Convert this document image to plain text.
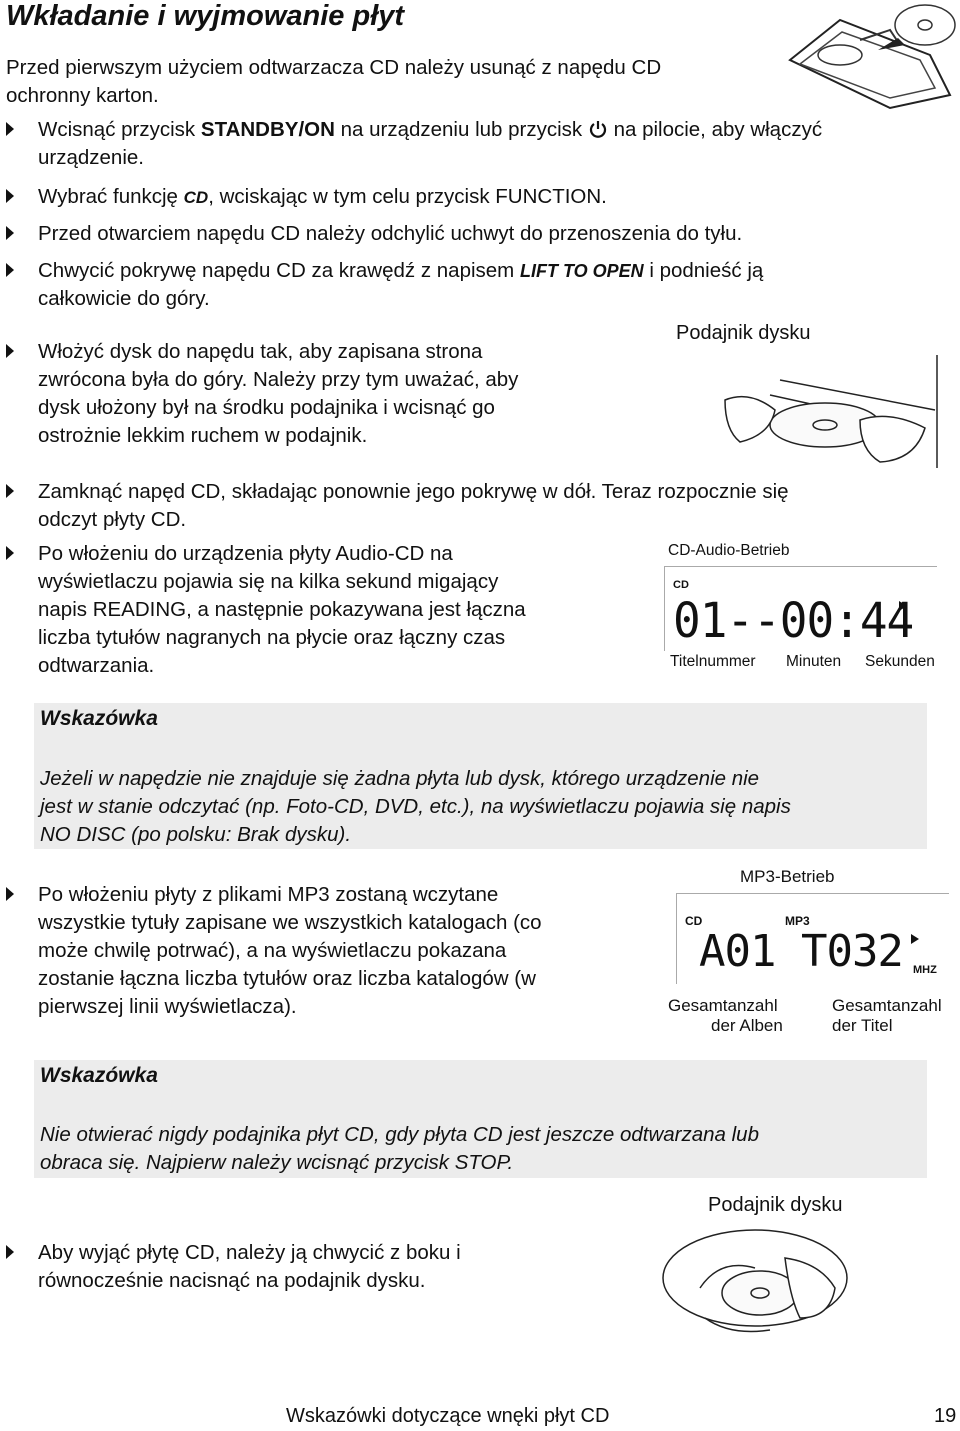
Wkładanie i wyjmowanie płyt
Przed pierwszym użyciem odtwarzacza CD należy usunąć z napędu CD
ochronny karton.
Wcisnąć przycisk STANDBY/ON na urządzeniu lub przycisk  na pilocie, aby włączyć
urządzenie.
Wybrać funkcję CD, wciskając w tym celu przycisk FUNCTION.
Przed otwarciem napędu CD należy odchylić uchwyt do przenoszenia do tyłu.
Chwycić pokrywę napędu CD za krawędź z napisem LIFT TO OPEN i podnieść ją
całkowicie do góry.
Włożyć dysk do napędu tak, aby zapisana strona
zwrócona była do góry. Należy przy tym uważać, aby
dysk ułożony był na środku podajnika i wcisnąć go
ostrożnie lekkim ruchem w podajnik.
Podajnik dysku
Zamknąć napęd CD, składając ponownie jego pokrywę w dół. Teraz rozpocznie się
odczyt płyty CD.
Po włożeniu do urządzenia płyty Audio-CD na
wyświetlaczu pojawia się na kilka sekund migający
napis READING, a następnie pokazywana jest łączna
liczba tytułów nagranych na płycie oraz łączny czas
odtwarzania.
CD-Audio-Betrieb
CD
01--00:44
Titelnummer Minuten Sekunden
Wskazówka
Jeżeli w napędzie nie znajduje się żadna płyta lub dysk, którego urządzenie nie
jest w stanie odczytać (np. Foto-CD, DVD, etc.), na wyświetlaczu pojawia się napis
NO DISC (po polsku: Brak dysku).
Po włożeniu płyty z plikami MP3 zostaną wczytane
wszystkie tytuły zapisane we wszystkich katalogach (co
może chwilę potrwać), a na wyświetlaczu pokazana
zostanie łączna liczba tytułów oraz liczba katalogów (w
pierwszej linii wyświetlacza).
MP3-Betrieb
CD	MP3
A01 T032 MHZ
Gesamtanzahl
der Alben
Gesamtanzahl
der Titel
Wskazówka
Nie otwierać nigdy podajnika płyt CD, gdy płyta CD jest jeszcze odtwarzana lub
obraca się. Najpierw należy wcisnąć przycisk STOP.
Aby wyjąć płytę CD, należy ją chwycić z boku i
równocześnie nacisnąć na podajnik dysku.
Podajnik dysku
Wskazówki dotyczące wnęki płyt CD	19
